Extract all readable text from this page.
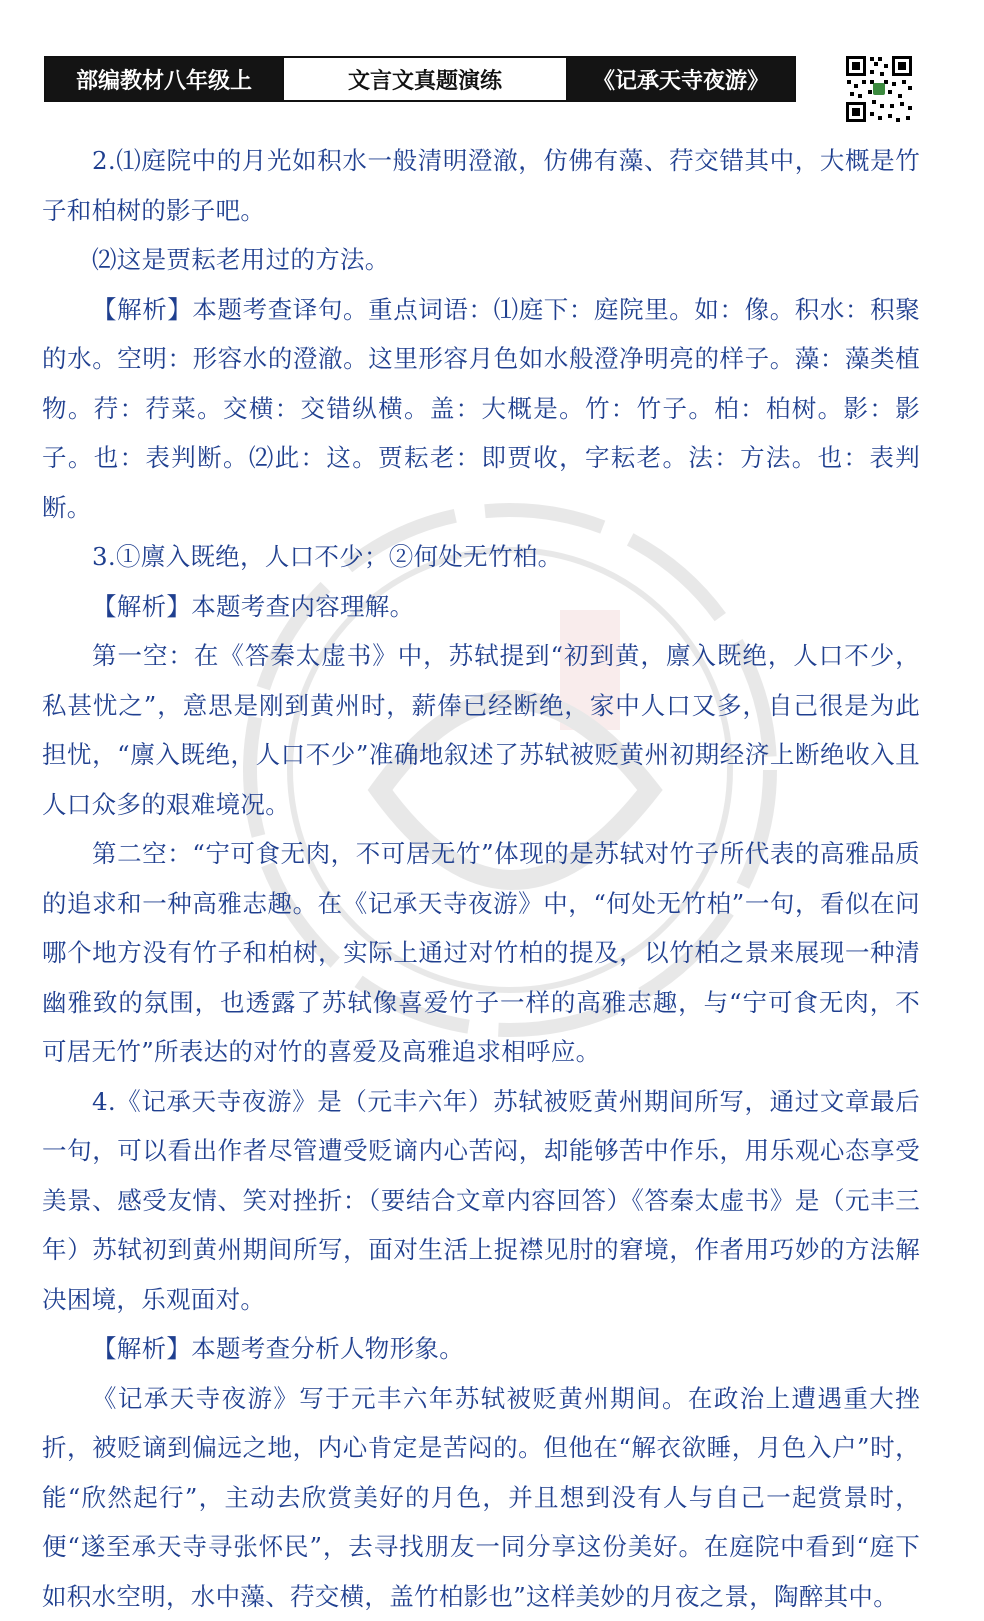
部编教材八年级上	文言文真题演练	《记承天寺夜游》

2.⑴庭院中的月光如积水一般清明澄澈，仿佛有藻、荇交错其中，大概是竹子和柏树的影子吧。

⑵这是贾耘老用过的方法。

【解析】本题考查译句。重点词语：⑴庭下：庭院里。如：像。积水：积聚的水。空明：形容水的澄澈。这里形容月色如水般澄净明亮的样子。藻：藻类植物。荇：荇菜。交横：交错纵横。盖：大概是。竹：竹子。柏：柏树。影：影子。也：表判断。⑵此：这。贾耘老：即贾收，字耘老。法：方法。也：表判断。

3.①廪入既绝，人口不少；②何处无竹柏。

【解析】本题考查内容理解。

第一空：在《答秦太虚书》中，苏轼提到“初到黄，廪入既绝，人口不少，私甚忧之”，意思是刚到黄州时，薪俸已经断绝，家中人口又多，自己很是为此担忧，“廪入既绝，人口不少”准确地叙述了苏轼被贬黄州初期经济上断绝收入且人口众多的艰难境况。

第二空：“宁可食无肉，不可居无竹”体现的是苏轼对竹子所代表的高雅品质的追求和一种高雅志趣。在《记承天寺夜游》中，“何处无竹柏”一句，看似在问哪个地方没有竹子和柏树，实际上通过对竹柏的提及，以竹柏之景来展现一种清幽雅致的氛围，也透露了苏轼像喜爱竹子一样的高雅志趣，与“宁可食无肉，不可居无竹”所表达的对竹的喜爱及高雅追求相呼应。

4.《记承天寺夜游》是（元丰六年）苏轼被贬黄州期间所写，通过文章最后一句，可以看出作者尽管遭受贬谪内心苦闷，却能够苦中作乐，用乐观心态享受美景、感受友情、笑对挫折：（要结合文章内容回答）《答秦太虚书》是（元丰三年）苏轼初到黄州期间所写，面对生活上捉襟见肘的窘境，作者用巧妙的方法解决困境，乐观面对。

【解析】本题考查分析人物形象。

《记承天寺夜游》写于元丰六年苏轼被贬黄州期间。在政治上遭遇重大挫折，被贬谪到偏远之地，内心肯定是苦闷的。但他在“解衣欲睡，月色入户”时，能“欣然起行”，主动去欣赏美好的月色，并且想到没有人与自己一起赏景时，便“遂至承天寺寻张怀民”，去寻找朋友一同分享这份美好。在庭院中看到“庭下如积水空明，水中藻、荇交横，盖竹柏影也”这样美妙的月夜之景，陶醉其中。
